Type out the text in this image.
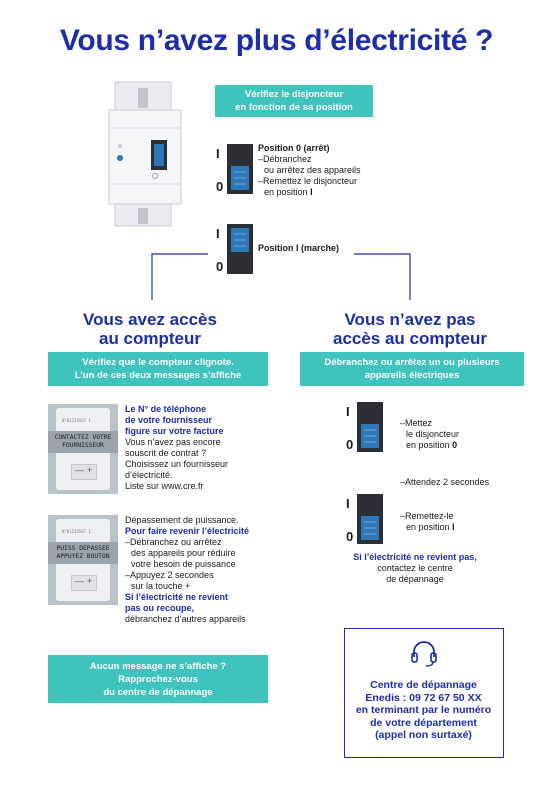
Vous n’avez plus d’électricité ?
Vérifiez le disjoncteur
en fonction de sa position
I
0
Position 0 (arrêt)
–Débranchez
ou arrêtez des appareils
–Remettez le disjoncteur
en position I
I
0
Position I (marche)
Vous avez accès
au compteur
Vérifiez que le compteur clignote.
L’un de ces deux messages s’affiche
N°01234567 1
— +
CONTACTEZ VOTRE
FOURNISSEUR
Le N° de téléphone
de votre fournisseur
figure sur votre facture
Vous n’avez pas encore
souscrit de contrat ?
Choisissez un fournisseur
d’électricité.
Liste sur www.cre.fr
N°01234567 1
— +
PUISS DEPASSEE
APPUYEZ BOUTON
Dépassement de puissance.
Pour faire revenir l’électricité
–Débranchez ou arrêtez
des appareils pour réduire
votre besoin de puissance
–Appuyez 2 secondes
sur la touche +
Si l’électricité ne revient
pas ou recoupe,
débranchez d’autres appareils
Aucun message ne s’affiche ?
Rapprochez-vous
du centre de dépannage
Vous n’avez pas
accès au compteur
Débranchez ou arrêtez un ou plusieurs
appareils électriques
I
0
–Mettez
le disjoncteur
en position 0
–Attendez 2 secondes
I
0
–Remettez-le
en position I
Si l’électricité ne revient pas,
contactez le centre
de dépannage
Centre de dépannage
Enedis : 09 72 67 50 XX
en terminant par le numéro
de votre département
(appel non surtaxé)
